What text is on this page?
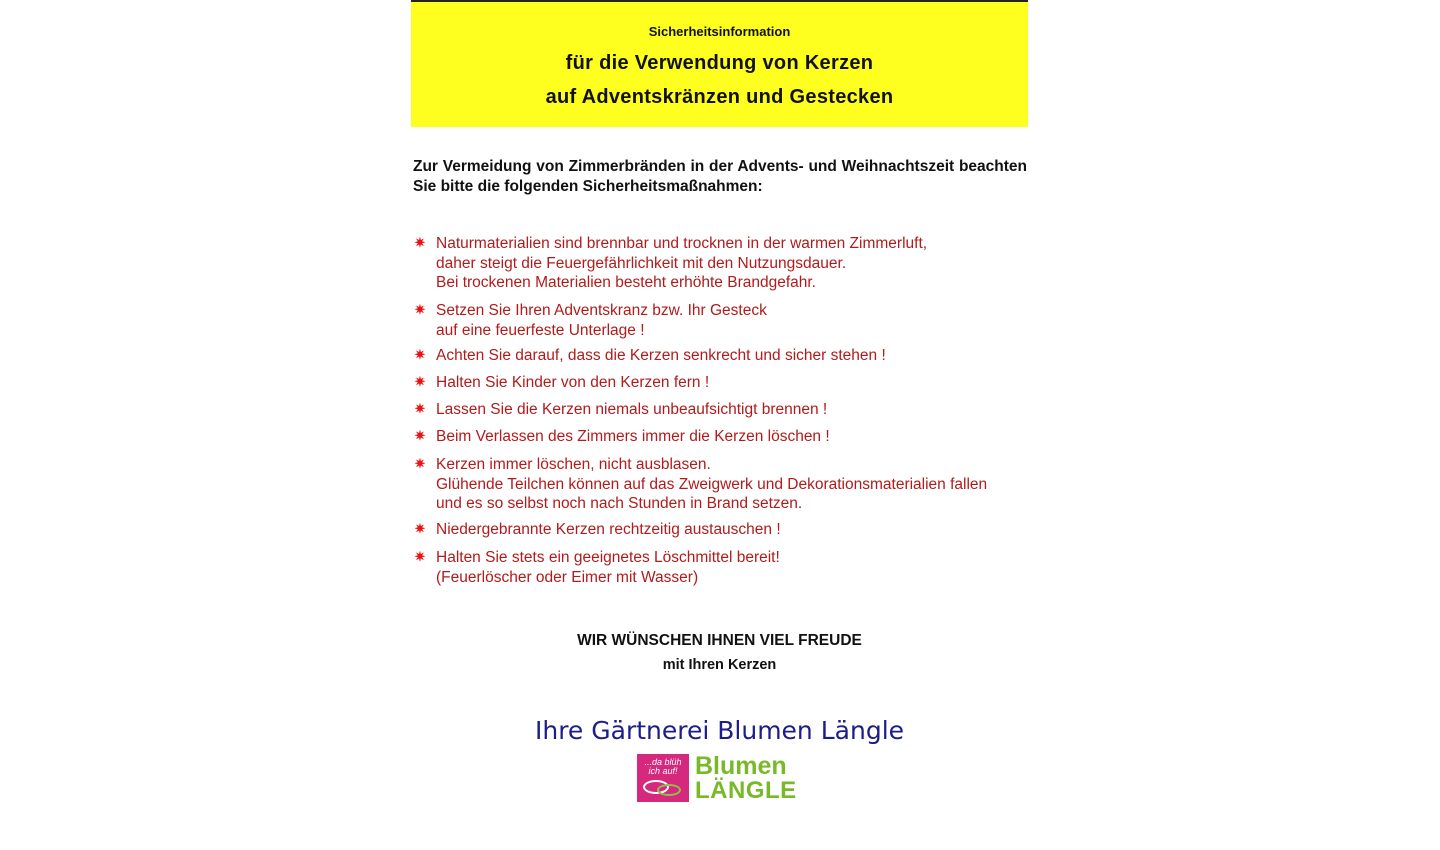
Sicherheitsinformation
für die Verwendung von Kerzen
auf Adventskränzen und Gestecken
Zur Vermeidung von Zimmerbränden in der Advents- und Weihnachtszeit beachten Sie bitte die folgenden Sicherheitsmaßnahmen:
✷ Naturmaterialien sind brennbar und trocknen in der warmen Zimmerluft,
daher steigt die Feuergefährlichkeit mit den Nutzungsdauer.
Bei trockenen Materialien besteht erhöhte Brandgefahr.
✷ Setzen Sie Ihren Adventskranz bzw. Ihr Gesteck
auf eine feuerfeste Unterlage !
✷ Achten Sie darauf, dass die Kerzen senkrecht und sicher stehen !
✷ Halten Sie Kinder von den Kerzen fern !
✷ Lassen Sie die Kerzen niemals unbeaufsichtigt brennen !
✷ Beim Verlassen des Zimmers immer die Kerzen löschen !
✷ Kerzen immer löschen, nicht ausblasen.
Glühende Teilchen können auf das Zweigwerk und Dekorationsmaterialien fallen
und es so selbst noch nach Stunden in Brand setzen.
✷ Niedergebrannte Kerzen rechtzeitig austauschen !
✷ Halten Sie stets ein geeignetes Löschmittel bereit!
(Feuerlöscher oder Eimer mit Wasser)
WIR WÜNSCHEN IHNEN VIEL FREUDE
mit Ihren Kerzen
Ihre Gärtnerei Blumen Längle
...da blüh ich auf! Blumen
LÄNGLE
